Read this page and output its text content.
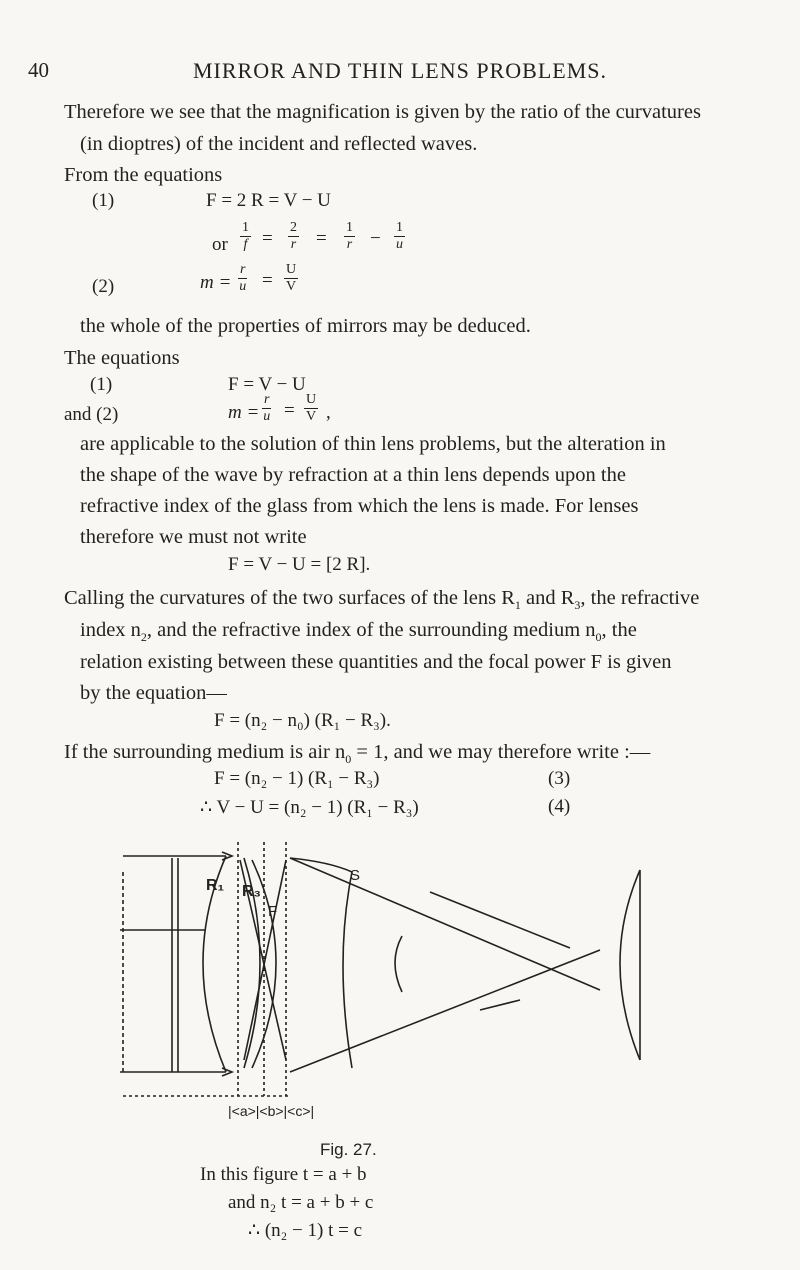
40	MIRROR AND THIN LENS PROBLEMS.
Therefore we see that the magnification is given by the ratio of the curvatures
(in dioptres) of the incident and reflected waves.
From the equations
(1)	F = 2 R = V − U
or $\frac{1}{f} = \frac{2}{r} = \frac{1}{r} - \frac{1}{u}$
(2)	$m = \frac{r}{u} = \frac{U}{V}$
the whole of the properties of mirrors may be deduced.
The equations
(1)	F = V − U
and (2)	$m = \frac{r}{u} = \frac{U}{V}$ ,
are applicable to the solution of thin lens problems, but the alteration in
the shape of the wave by refraction at a thin lens depends upon the
refractive index of the glass from which the lens is made. For lenses
therefore we must not write
F = V − U = [2 R].
Calling the curvatures of the two surfaces of the lens $R_1$ and $R_3$, the refractive
index $n_2$, and the refractive index of the surrounding medium $n_0$, the
relation existing between these quantities and the focal power F is given
by the equation—
F = (n₂ − n₀) (R₁ − R₃).
If the surrounding medium is air $n_0 = 1$, and we may therefore write :—
F = (n₂ − 1) (R₁ − R₃)	(3)
∴ V − U = (n₂ − 1) (R₁ − R₃)	(4)
R₁ R₃
F
S
|<a>|<b>|<c>|
Fig. 27.
In this figure t = a + b
and n₂ t = a + b + c
∴ (n₂ − 1) t = c
